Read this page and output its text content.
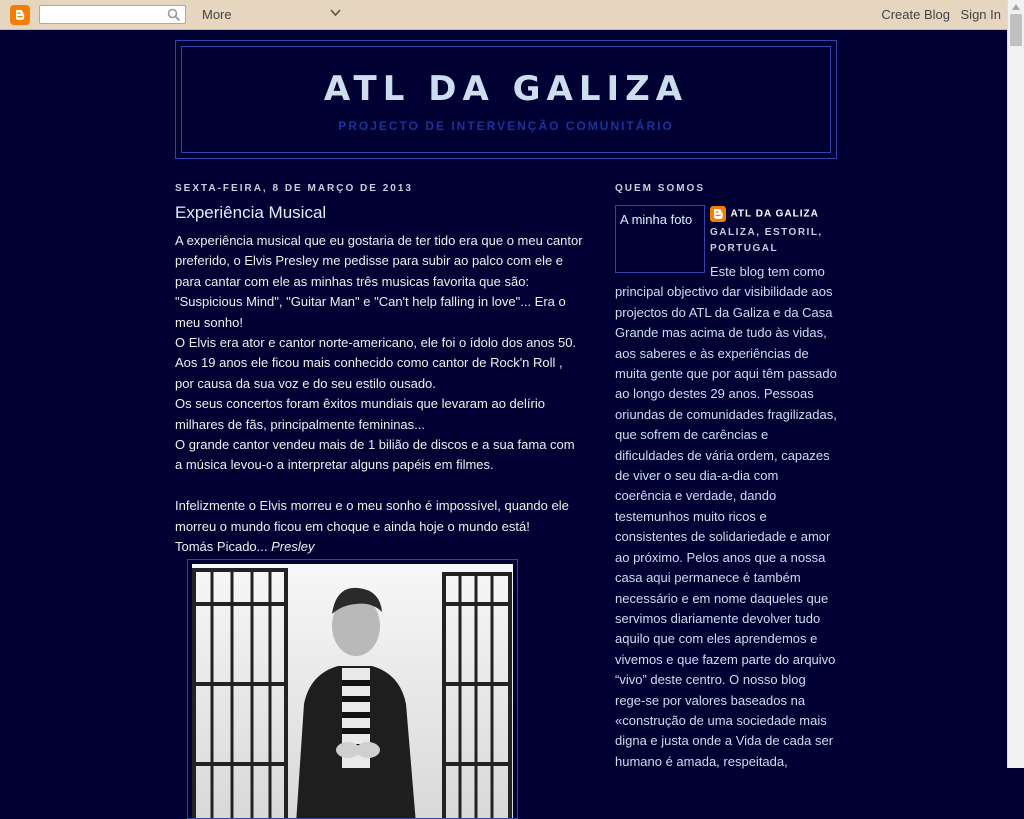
More	Create Blog Sign In
ATL DA GALIZA
PROJECTO DE INTERVENÇÃO COMUNITÁRIO
SEXTA-FEIRA, 8 DE MARÇO DE 2013
Experiência Musical

A experiência musical que eu gostaria de ter tido era que o meu cantor preferido, o Elvis Presley me pedisse para subir ao palco com ele e para cantar com ele as minhas três musicas favorita que são: "Suspicious Mind", "Guitar Man" e "Can't help falling in love"... Era o meu sonho!

O Elvis era ator e cantor norte-americano, ele foi o ídolo dos anos 50. Aos 19 anos ele ficou mais conhecido como cantor de Rock'n Roll , por causa da sua voz e do seu estilo ousado.

Os seus concertos foram êxitos mundiais que levaram ao delírio milhares de fãs, principalmente femininas...

O grande cantor vendeu mais de 1 bilião de discos e a sua fama com a música levou-o a interpretar alguns papéis em filmes.

Infelizmente o Elvis morreu e o meu sonho é impossível, quando ele morreu o mundo ficou em choque e ainda hoje o mundo está!

Tomás Picado... Presley

QUEM SOMOS
A minha foto	ATL DA GALIZA
GALIZA, ESTORIL, PORTUGAL
Este blog tem como principal objectivo dar visibilidade aos projectos do ATL da Galiza e da Casa Grande mas acima de tudo às vidas, aos saberes e às experiências de muita gente que por aqui têm passado ao longo destes 29 anos. Pessoas oriundas de comunidades fragilizadas, que sofrem de carências e dificuldades de vária ordem, capazes de viver o seu dia-a-dia com coerência e verdade, dando testemunhos muito ricos e consistentes de solidariedade e amor ao próximo. Pelos anos que a nossa casa aqui permanece é também necessário e em nome daqueles que servimos diariamente devolver tudo aquilo que com eles aprendemos e vivemos e que fazem parte do arquivo “vivo” deste centro. O nosso blog rege-se por valores baseados na «construção de uma sociedade mais digna e justa onde a Vida de cada ser humano é amada, respeitada,
